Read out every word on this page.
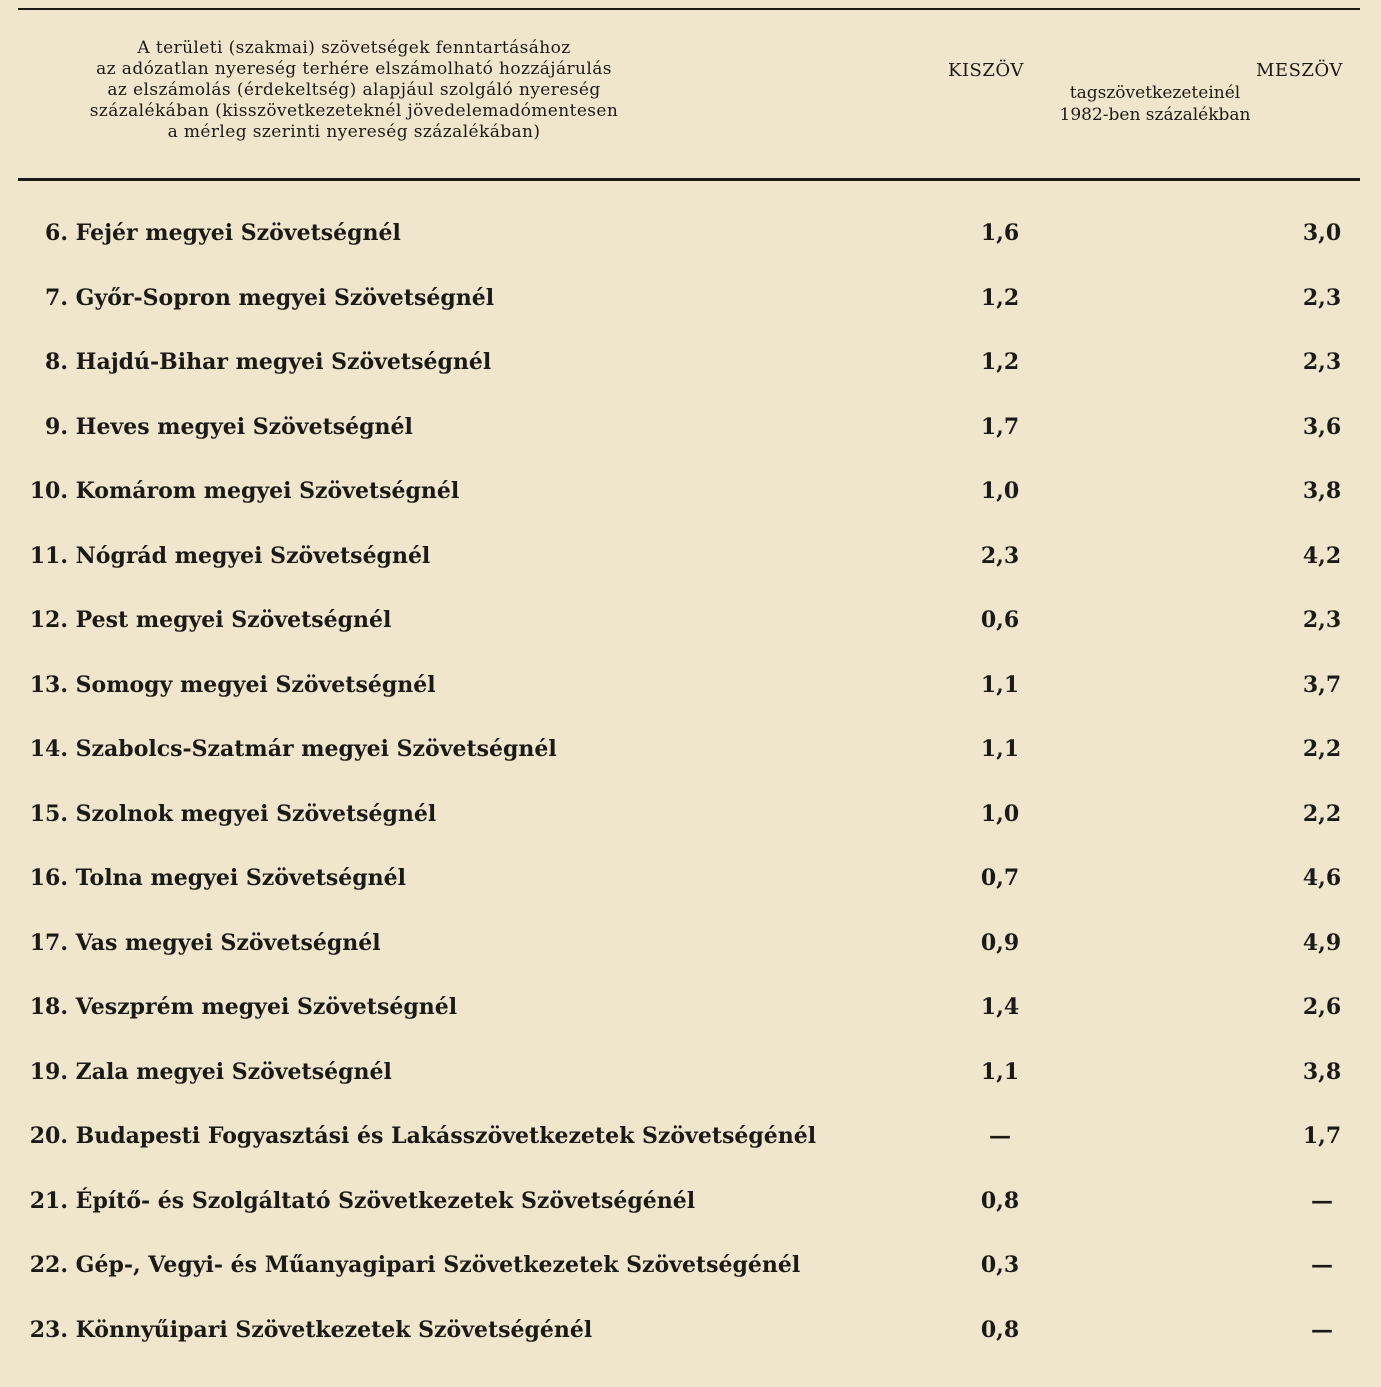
A területi (szakmai) szövetségek fenntartásához
az adózatlan nyereség terhére elszámolható hozzájárulás
az elszámolás (érdekeltség) alapjául szolgáló nyereség
százalékában (kisszövetkezeteknél jövedelemadómentesen
a mérleg szerinti nyereség százalékában)
KISZÖV	MESZÖV
tagszövetkezeteinél
1982-ben százalékban
6. Fejér megyei Szövetségnél	1,6	3,0
7. Győr-Sopron megyei Szövetségnél	1,2	2,3
8. Hajdú-Bihar megyei Szövetségnél	1,2	2,3
9. Heves megyei Szövetségnél	1,7	3,6
10. Komárom megyei Szövetségnél	1,0	3,8
11. Nógrád megyei Szövetségnél	2,3	4,2
12. Pest megyei Szövetségnél	0,6	2,3
13. Somogy megyei Szövetségnél	1,1	3,7
14. Szabolcs-Szatmár megyei Szövetségnél	1,1	2,2
15. Szolnok megyei Szövetségnél	1,0	2,2
16. Tolna megyei Szövetségnél	0,7	4,6
17. Vas megyei Szövetségnél	0,9	4,9
18. Veszprém megyei Szövetségnél	1,4	2,6
19. Zala megyei Szövetségnél	1,1	3,8
20. Budapesti Fogyasztási és Lakásszövetkezetek Szövetségénél	—	1,7
21. Építő- és Szolgáltató Szövetkezetek Szövetségénél	0,8	—
22. Gép-, Vegyi- és Műanyagipari Szövetkezetek Szövetségénél	0,3	—
23. Könnyűipari Szövetkezetek Szövetségénél	0,8	—
